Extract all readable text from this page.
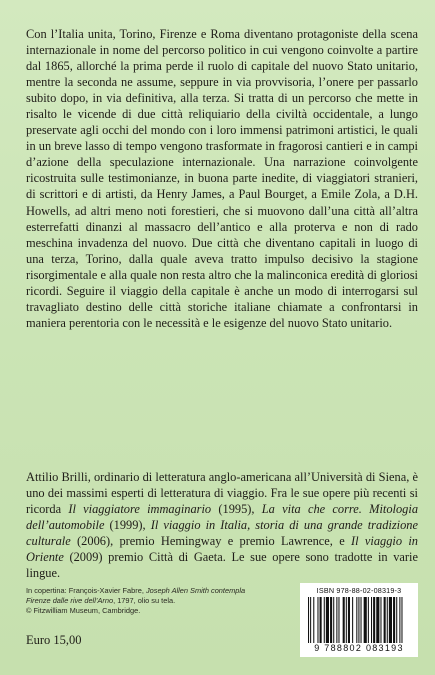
Con l’Italia unita, Torino, Firenze e Roma diventano protagoniste della scena internazionale in nome del percorso politico in cui vengono coinvolte a partire dal 1865, allorché la prima perde il ruolo di capitale del nuovo Stato unitario, mentre la seconda ne assume, seppure in via provvisoria, l’onere per passarlo subito dopo, in via definitiva, alla terza. Si tratta di un percorso che mette in risalto le vicende di due città reliquiario della civiltà occidentale, a lungo preservate agli occhi del mondo con i loro immensi patrimoni artistici, le quali in un breve lasso di tempo vengono trasformate in fragorosi cantieri e in campi d’azione della speculazione internazionale. Una narrazione coinvolgente ricostruita sulle testimonianze, in buona parte inedite, di viaggiatori stranieri, di scrittori e di artisti, da Henry James, a Paul Bourget, a Emile Zola, a D.H. Howells, ad altri meno noti forestieri, che si muovono dall’una città all’altra esterrefatti dinanzi al massacro dell’antico e alla proterva e non di rado meschina invadenza del nuovo. Due città che diventano capitali in luogo di una terza, Torino, dalla quale aveva tratto impulso decisivo la stagione risorgimentale e alla quale non resta altro che la malinconica eredità di gloriosi ricordi. Seguire il viaggio della capitale è anche un modo di interrogarsi sul travagliato destino delle città storiche italiane chiamate a confrontarsi in maniera perentoria con le necessità e le esigenze del nuovo Stato unitario.

Attilio Brilli, ordinario di letteratura anglo-americana all’Università di Siena, è uno dei massimi esperti di letteratura di viaggio. Fra le sue opere più recenti si ricorda Il viaggiatore immaginario (1995), La vita che corre. Mitologia dell’automobile (1999), Il viaggio in Italia, storia di una grande tradizione culturale (2006), premio Hemingway e premio Lawrence, e Il viaggio in Oriente (2009) premio Città di Gaeta. Le sue opere sono tradotte in varie lingue.

In copertina: François-Xavier Fabre, Joseph Allen Smith contempla Firenze dalle rive dell’Arno, 1797, olio su tela.
© Fitzwilliam Museum, Cambridge.
Euro 15,00
ISBN 978-88-02-08319-3
9 788802 083193
